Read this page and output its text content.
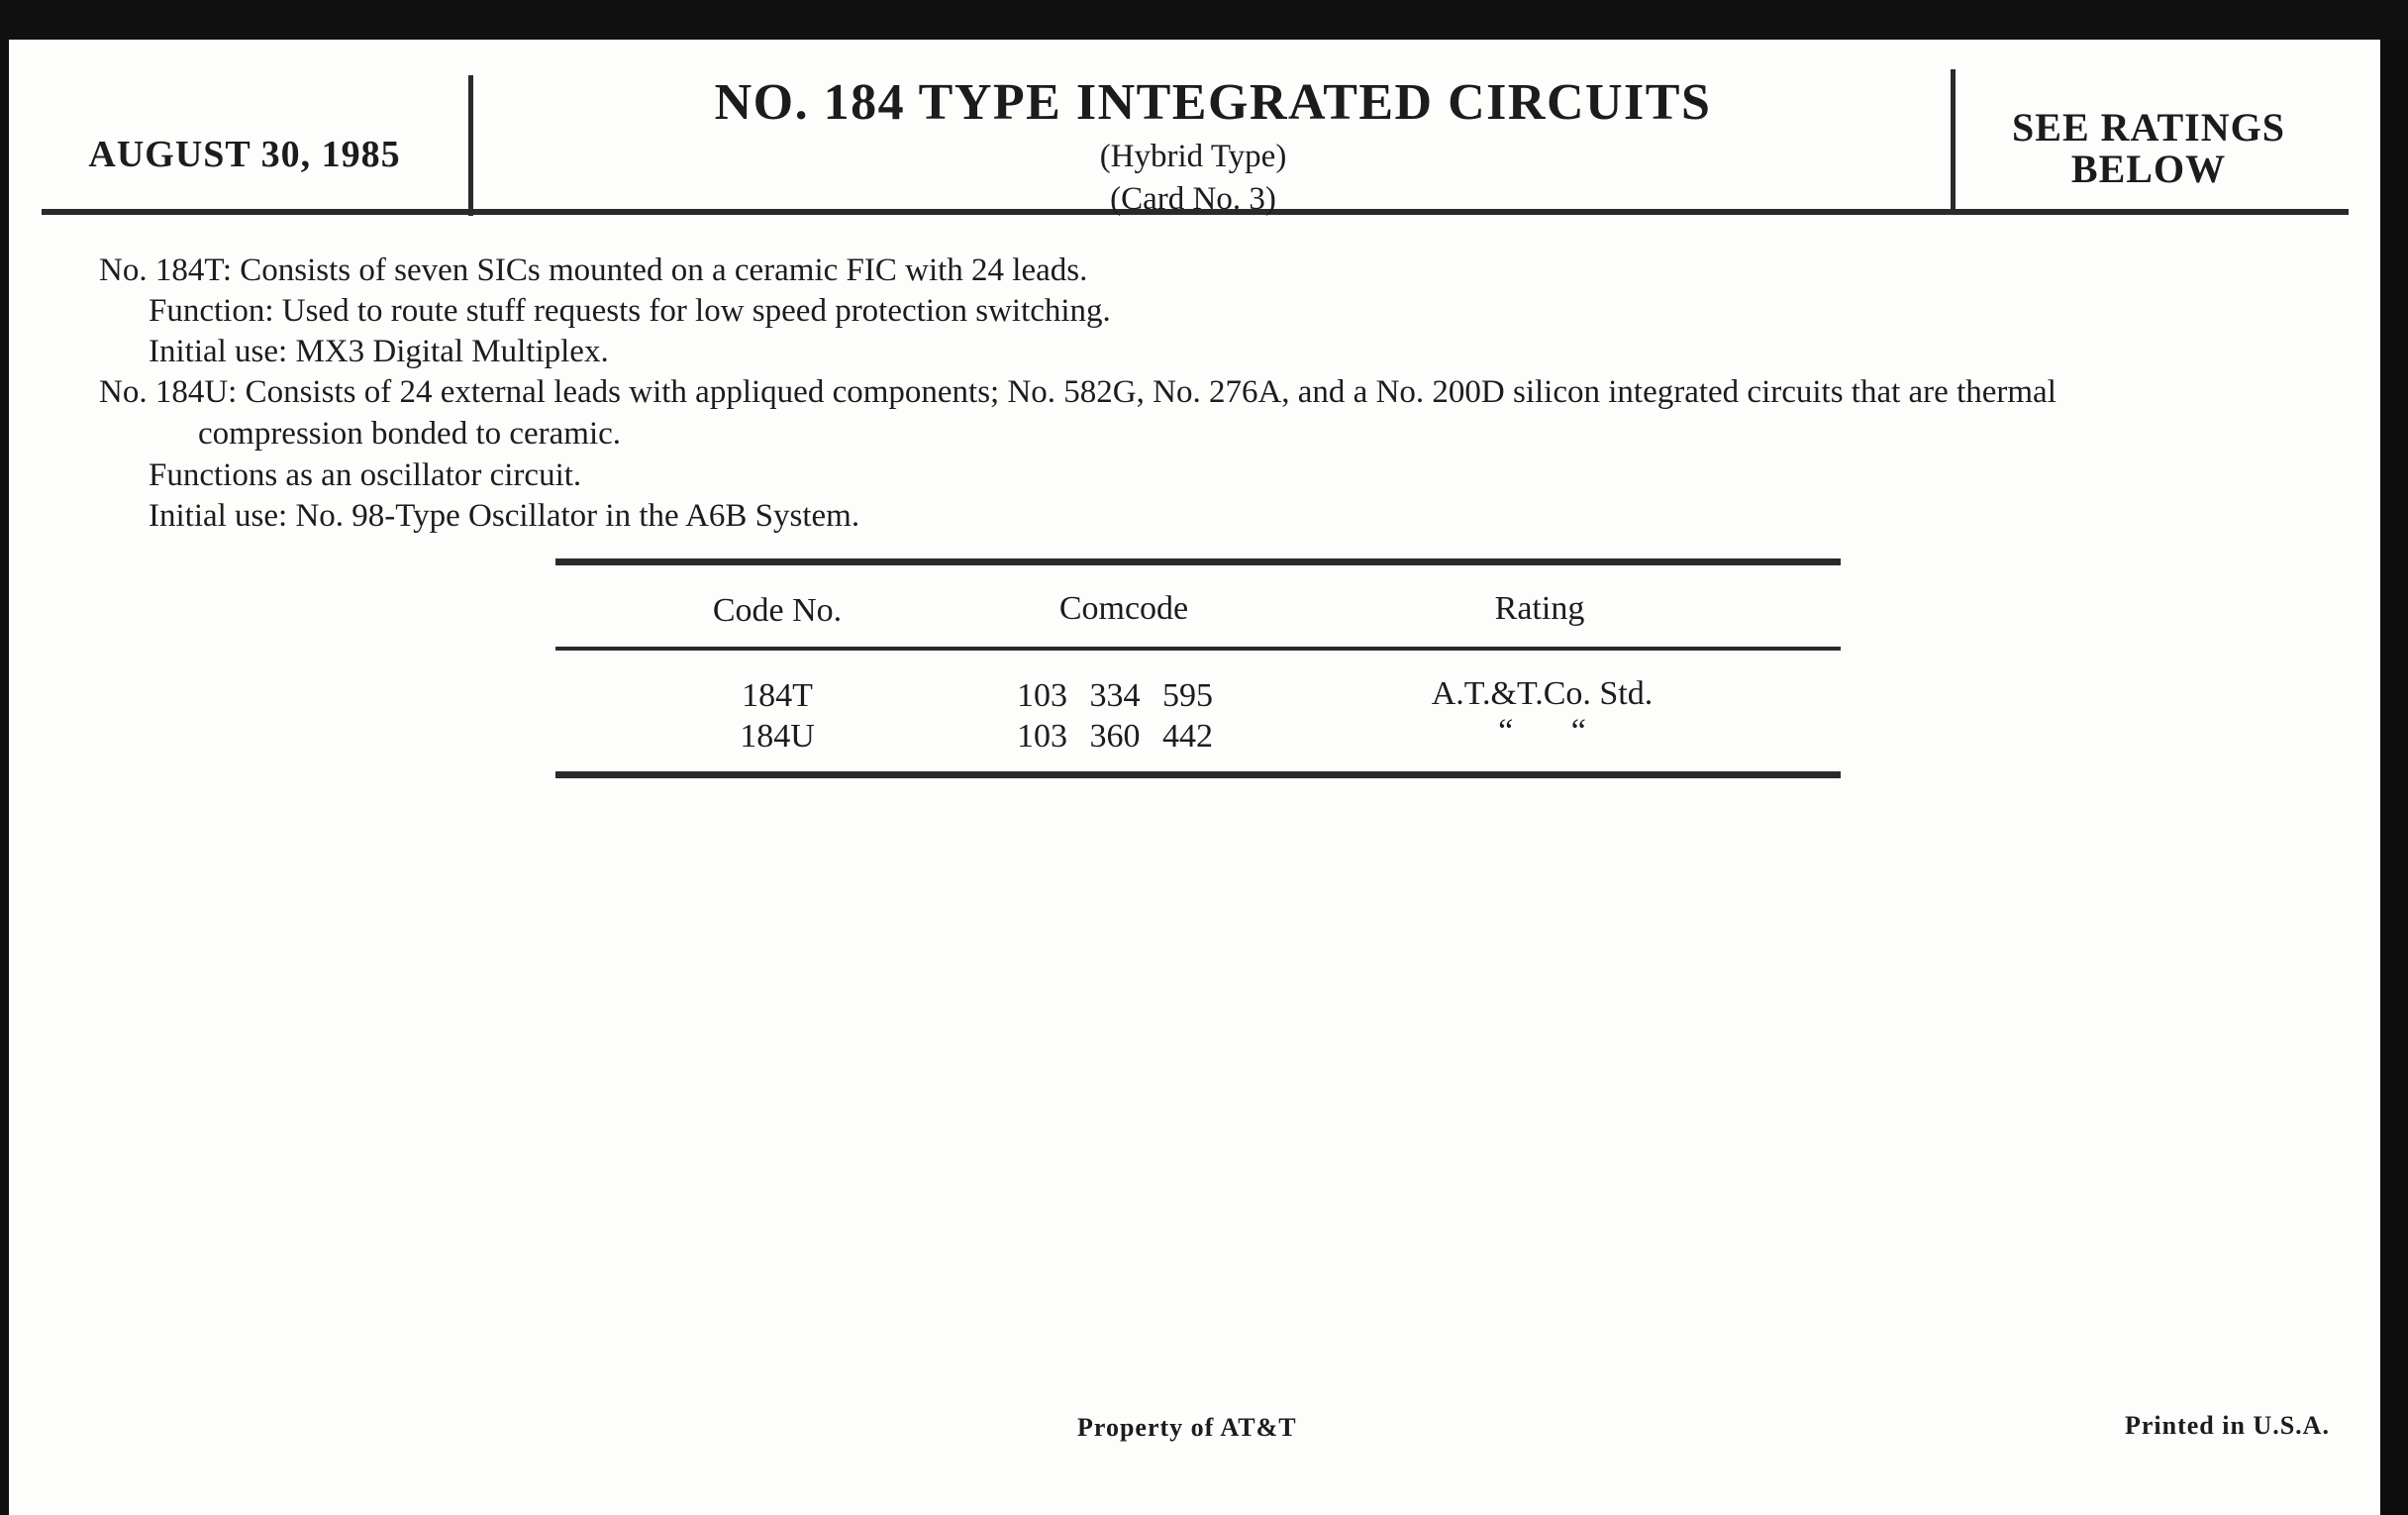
AUGUST 30, 1985
NO. 184 TYPE INTEGRATED CIRCUITS
(Hybrid Type)
(Card No. 3)
SEE RATINGS
BELOW
No. 184T: Consists of seven SICs mounted on a ceramic FIC with 24 leads.
Function: Used to route stuff requests for low speed protection switching.
Initial use: MX3 Digital Multiplex.
No. 184U: Consists of 24 external leads with appliqued components; No. 582G, No. 276A, and a No. 200D silicon integrated circuits that are thermal
compression bonded to ceramic.
Functions as an oscillator circuit.
Initial use: No. 98-Type Oscillator in the A6B System.
Code No.	Comcode	Rating
184T	103 334 595	A.T.&T.Co. Std.
184U	103 360 442	“ “
Property of AT&T	Printed in U.S.A.
